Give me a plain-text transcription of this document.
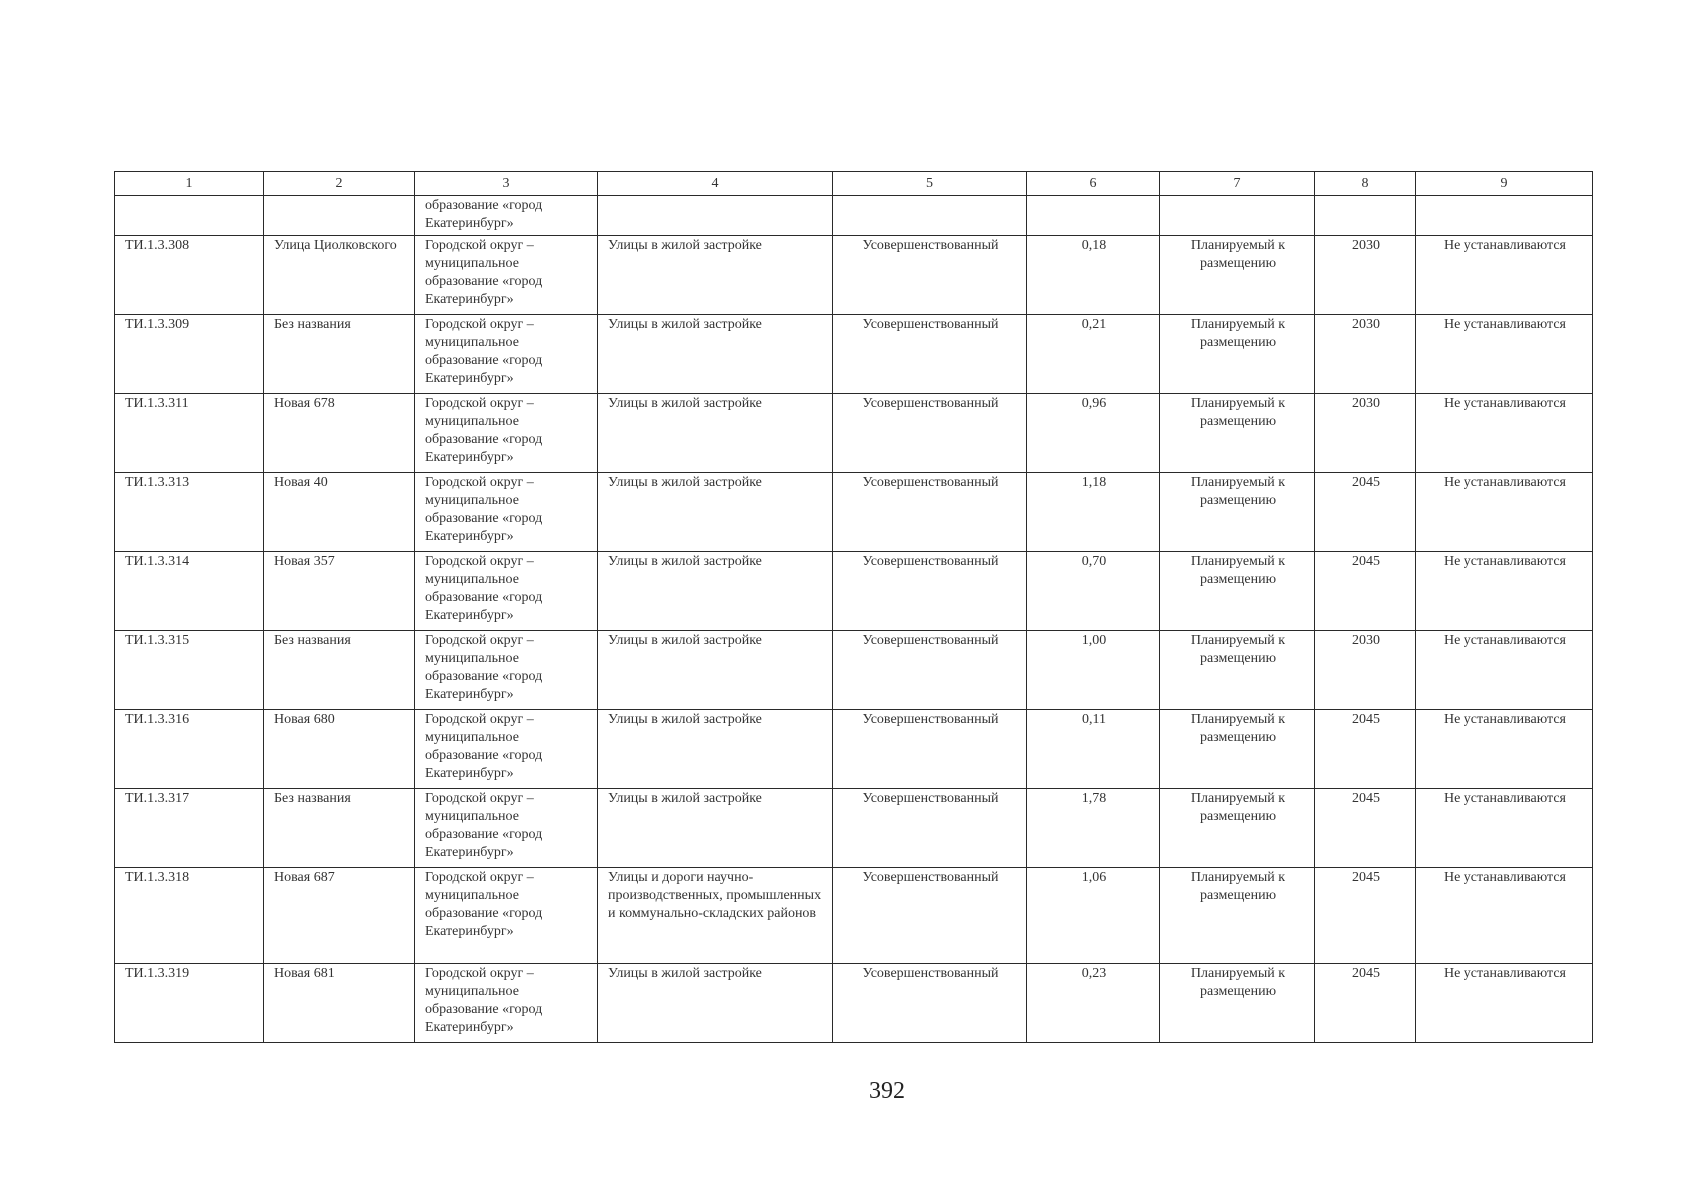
1	2	3	4	5	6	7	8	9
		образование «город Екатеринбург»						
ТИ.1.3.308	Улица Циолковского	Городской округ – муниципальное образование «город Екатеринбург»	Улицы в жилой застройке	Усовершенствованный	0,18	Планируемый к размещению	2030	Не устанавливаются
ТИ.1.3.309	Без названия	Городской округ – муниципальное образование «город Екатеринбург»	Улицы в жилой застройке	Усовершенствованный	0,21	Планируемый к размещению	2030	Не устанавливаются
ТИ.1.3.311	Новая 678	Городской округ – муниципальное образование «город Екатеринбург»	Улицы в жилой застройке	Усовершенствованный	0,96	Планируемый к размещению	2030	Не устанавливаются
ТИ.1.3.313	Новая 40	Городской округ – муниципальное образование «город Екатеринбург»	Улицы в жилой застройке	Усовершенствованный	1,18	Планируемый к размещению	2045	Не устанавливаются
ТИ.1.3.314	Новая 357	Городской округ – муниципальное образование «город Екатеринбург»	Улицы в жилой застройке	Усовершенствованный	0,70	Планируемый к размещению	2045	Не устанавливаются
ТИ.1.3.315	Без названия	Городской округ – муниципальное образование «город Екатеринбург»	Улицы в жилой застройке	Усовершенствованный	1,00	Планируемый к размещению	2030	Не устанавливаются
ТИ.1.3.316	Новая 680	Городской округ – муниципальное образование «город Екатеринбург»	Улицы в жилой застройке	Усовершенствованный	0,11	Планируемый к размещению	2045	Не устанавливаются
ТИ.1.3.317	Без названия	Городской округ – муниципальное образование «город Екатеринбург»	Улицы в жилой застройке	Усовершенствованный	1,78	Планируемый к размещению	2045	Не устанавливаются
ТИ.1.3.318	Новая 687	Городской округ – муниципальное образование «город Екатеринбург»	Улицы и дороги научно-производственных, промышленных и коммунально-складских районов	Усовершенствованный	1,06	Планируемый к размещению	2045	Не устанавливаются
ТИ.1.3.319	Новая 681	Городской округ – муниципальное образование «город Екатеринбург»	Улицы в жилой застройке	Усовершенствованный	0,23	Планируемый к размещению	2045	Не устанавливаются
392
